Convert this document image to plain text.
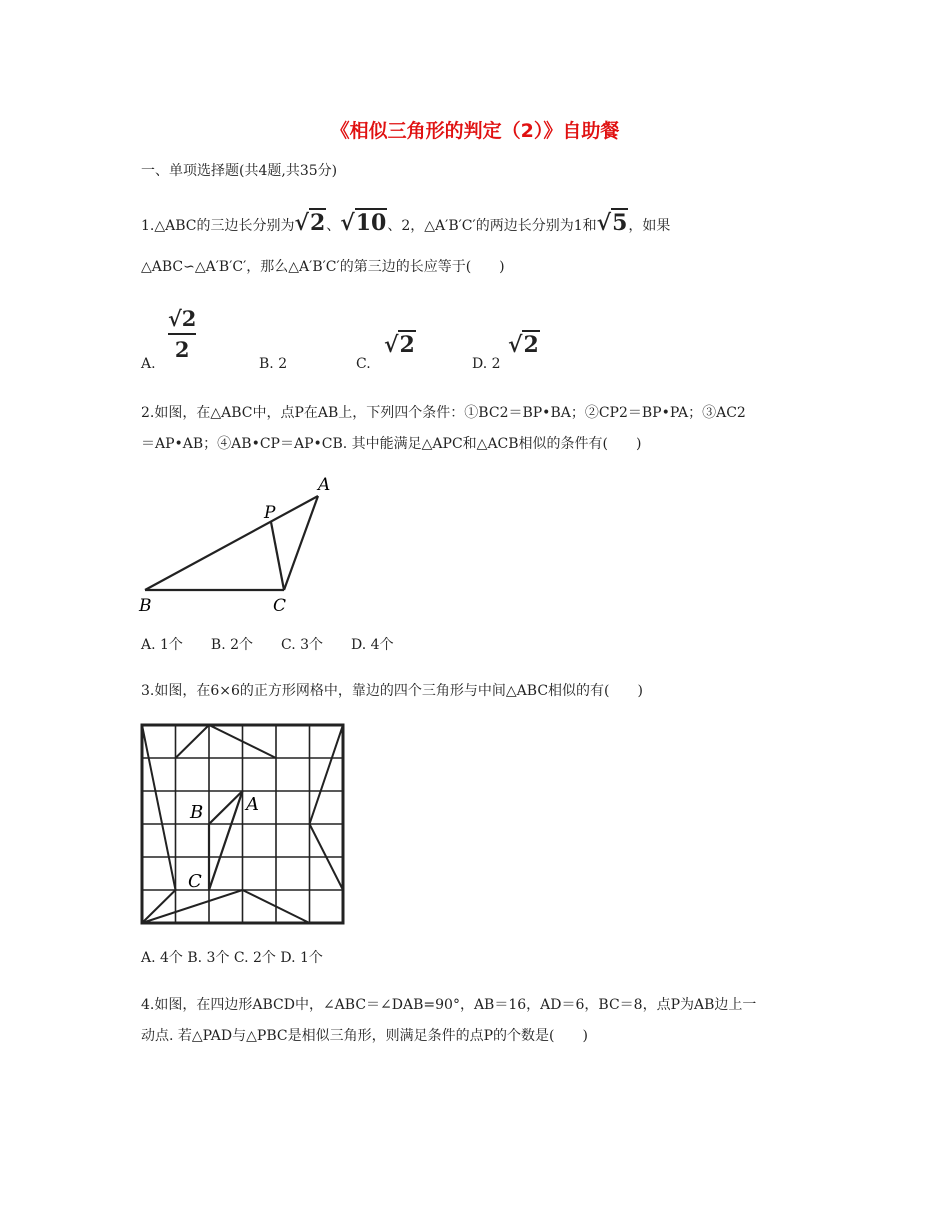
《相似三角形的判定（2）》自助餐
一、单项选择题(共4题,共35分)
1.△ABC的三边长分别为√2、√10、2，△A′B′C′的两边长分别为1和√5，如果
△ABC∽△A′B′C′，那么△A′B′C′的第三边的长应等于(　　)
A.
$\frac{√2}{2}$
B. 2	C.
√2
D. 2
√2
2.如图，在△ABC中，点P在AB上，下列四个条件：①BC2＝BP•BA；②CP2＝BP•PA；③AC2
＝AP•AB；④AB•CP＝AP•CB. 其中能满足△APC和△ACB相似的条件有(　　)
A
P
B	C
A. 1个　　B. 2个　　C. 3个　　D. 4个
3.如图，在6×6的正方形网格中，靠边的四个三角形与中间△ABC相似的有(　　)
B A
C
A. 4个 B. 3个 C. 2个 D. 1个
4.如图，在四边形ABCD中，∠ABC＝∠DAB=90°，AB＝16，AD＝6，BC＝8，点P为AB边上一
动点. 若△PAD与△PBC是相似三角形，则满足条件的点P的个数是(　　)
